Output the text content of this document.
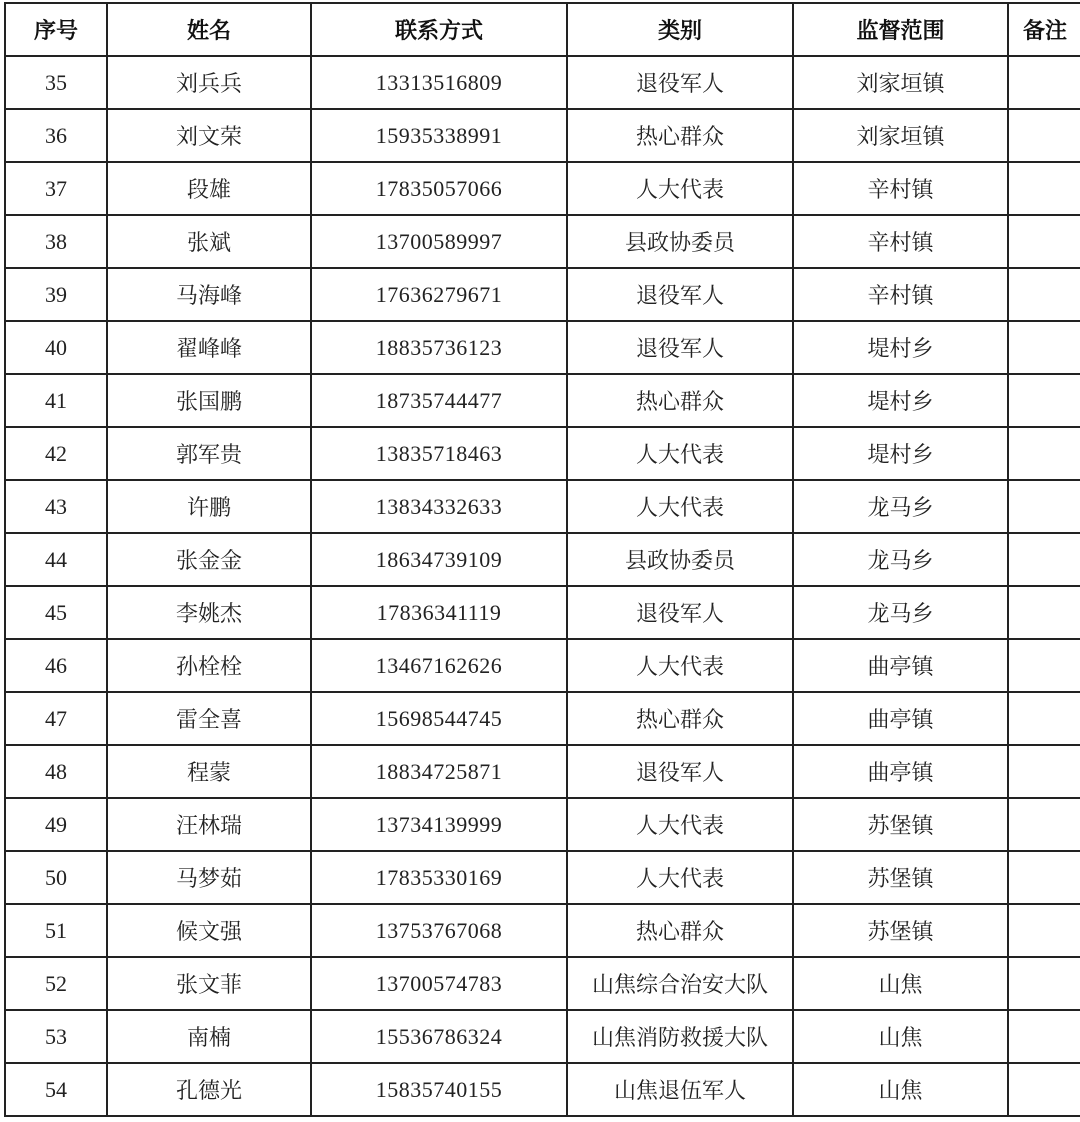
序号	姓名	联系方式	类别	监督范围	备注
35	刘兵兵	13313516809	退役军人	刘家垣镇	
36	刘文荣	15935338991	热心群众	刘家垣镇	
37	段雄	17835057066	人大代表	辛村镇	
38	张斌	13700589997	县政协委员	辛村镇	
39	马海峰	17636279671	退役军人	辛村镇	
40	翟峰峰	18835736123	退役军人	堤村乡	
41	张国鹏	18735744477	热心群众	堤村乡	
42	郭军贵	13835718463	人大代表	堤村乡	
43	许鹏	13834332633	人大代表	龙马乡	
44	张金金	18634739109	县政协委员	龙马乡	
45	李姚杰	17836341119	退役军人	龙马乡	
46	孙栓栓	13467162626	人大代表	曲亭镇	
47	雷全喜	15698544745	热心群众	曲亭镇	
48	程蒙	18834725871	退役军人	曲亭镇	
49	汪林瑞	13734139999	人大代表	苏堡镇	
50	马梦茹	17835330169	人大代表	苏堡镇	
51	候文强	13753767068	热心群众	苏堡镇	
52	张文菲	13700574783	山焦综合治安大队	山焦	
53	南楠	15536786324	山焦消防救援大队	山焦	
54	孔德光	15835740155	山焦退伍军人	山焦	
